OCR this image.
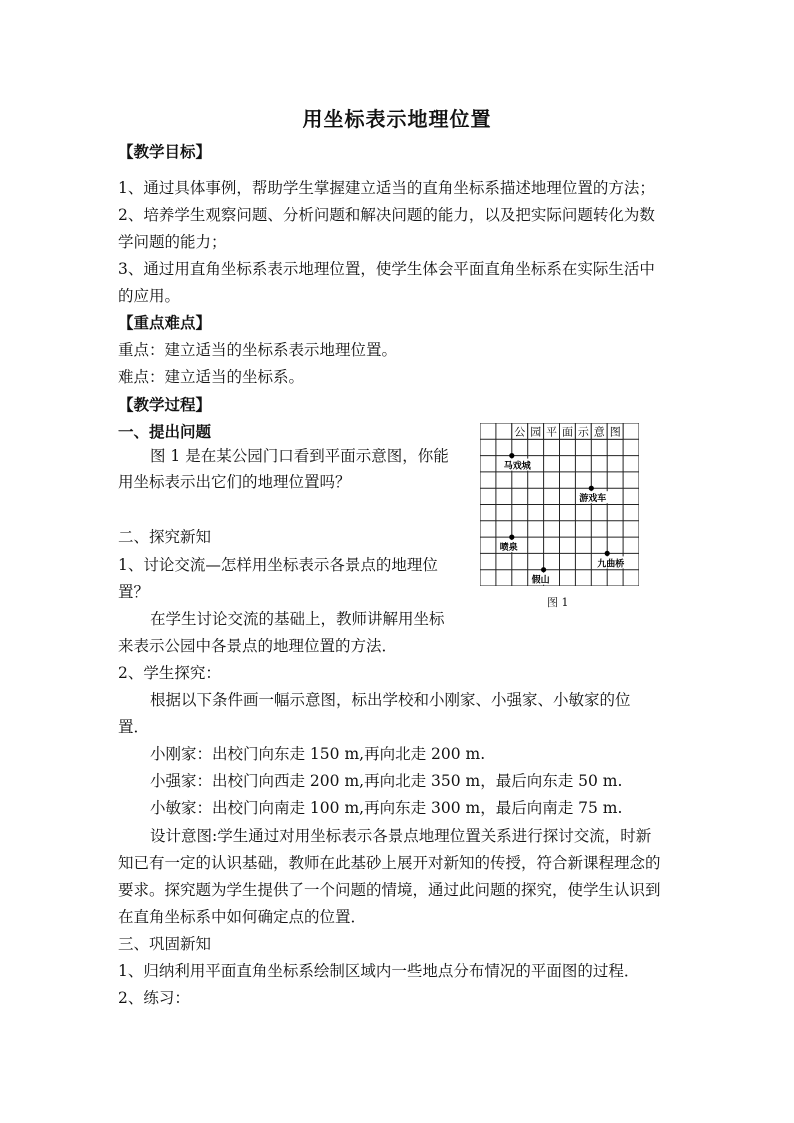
用坐标表示地理位置
【教学目标】
1、通过具体事例，帮助学生掌握建立适当的直角坐标系描述地理位置的方法；
2、培养学生观察问题、分析问题和解决问题的能力，以及把实际问题转化为数
学问题的能力；
3、通过用直角坐标系表示地理位置，使学生体会平面直角坐标系在实际生活中
的应用。
【重点难点】
重点：建立适当的坐标系表示地理位置。
难点：建立适当的坐标系。
【教学过程】
一、提出问题
图 1 是在某公园门口看到平面示意图，你能
用坐标表示出它们的地理位置吗？
二、探究新知
1、讨论交流—怎样用坐标表示各景点的地理位
置？
在学生讨论交流的基础上，教师讲解用坐标
来表示公园中各景点的地理位置的方法．
2、学生探究：
根据以下条件画一幅示意图，标出学校和小刚家、小强家、小敏家的位
置．
小刚家：出校门向东走 150 m,再向北走 200 m.
小强家：出校门向西走 200 m,再向北走 350 m，最后向东走 50 m.
小敏家：出校门向南走 100 m,再向东走 300 m，最后向南走 75 m.
设计意图:学生通过对用坐标表示各景点地理位置关系进行探讨交流，时新
知已有一定的认识基础，教师在此基砂上展开对新知的传授，符合新课程理念的
要求。探究题为学生提供了一个问题的情境，通过此问题的探究，使学生认识到
在直角坐标系中如何确定点的位置．
三、巩固新知
1、归纳利用平面直角坐标系绘制区域内一些地点分布情况的平面图的过程．
2、练习：
公 园 平 面 示 意 图
马戏城
游戏车
喷泉
九曲桥
假山
图 1
